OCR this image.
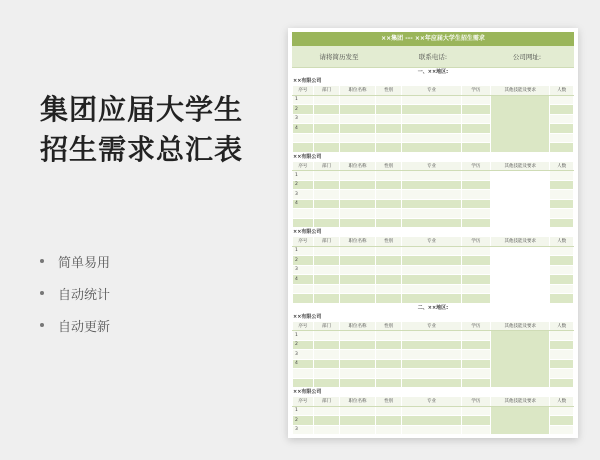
集团应届大学生
招生需求总汇表
简单易用
自动统计
自动更新
××集团 --- ××年应届大学生招生需求
请将简历发至	联系电话:	公司网址:
一、××地区:
××有限公司
序号	部门	职位名称	性别	专业	学历	其他技能及要求	人数
1							
2							
3							
4							

××有限公司
序号	部门	职位名称	性别	专业	学历	其他技能及要求	人数
1							
2							
3							
4							

××有限公司
序号	部门	职位名称	性别	专业	学历	其他技能及要求	人数
1							
2							
3							
4							

二、××地区:
××有限公司
序号	部门	职位名称	性别	专业	学历	其他技能及要求	人数
1							
2							
3							
4							

××有限公司
序号	部门	职位名称	性别	专业	学历	其他技能及要求	人数
1							
2							
3							
